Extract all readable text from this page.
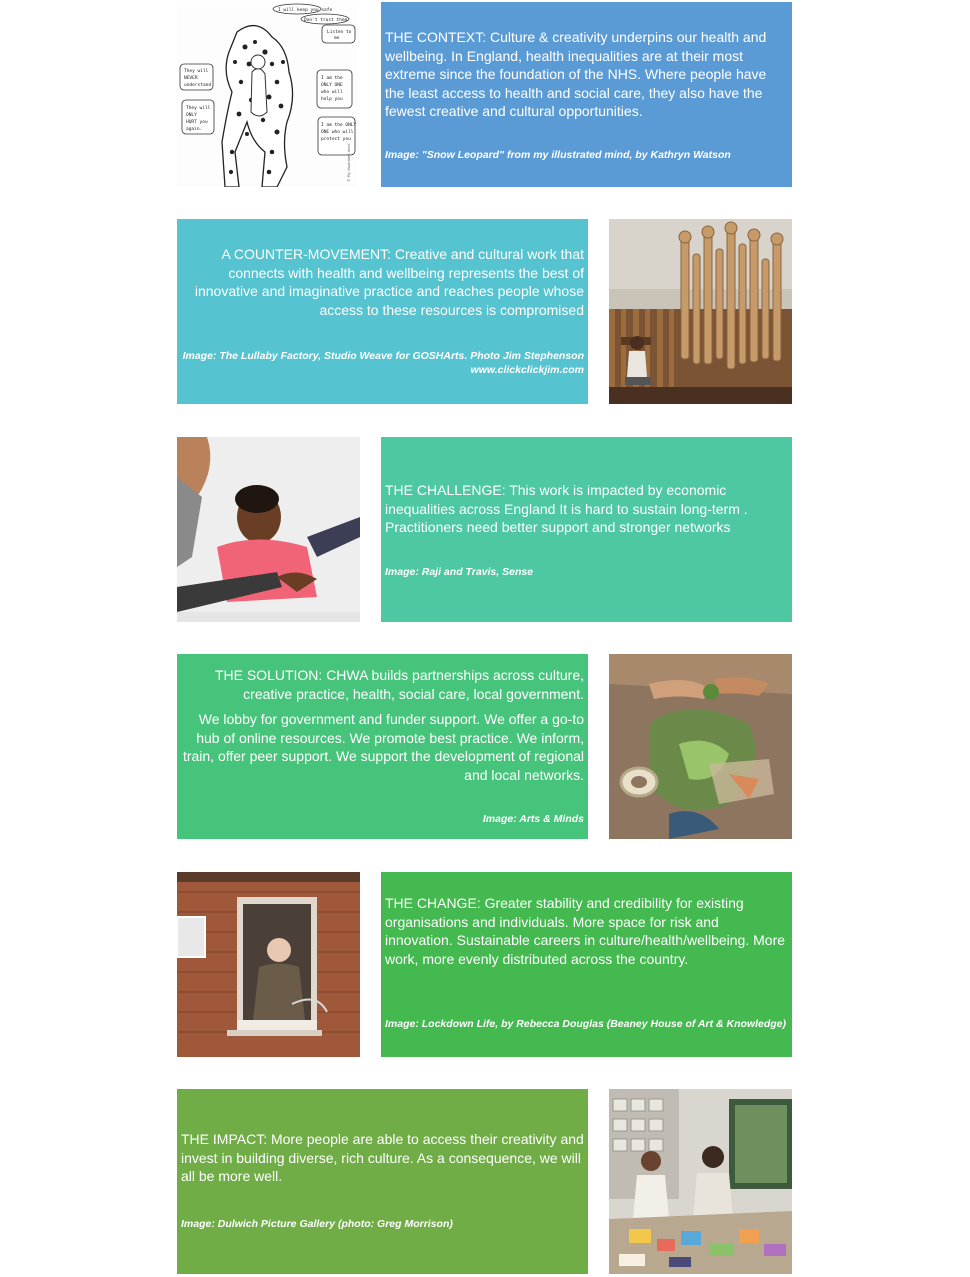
I will keep you safe
Don't trust them
Listen to
me
They will
NEVER
understand
I am the
ONLY ONE
who will
help you
They will
ONLY
HURT you
again.
I am the ONLY
ONE who will
protect you
© My illustrated mind

THE CONTEXT: Culture & creativity underpins our health and wellbeing. In England, health inequalities are at their most extreme since the foundation of the NHS. Where people have the least access to health and social care, they also have the fewest creative and cultural opportunities.

Image: "Snow Leopard" from my illustrated mind, by Kathryn Watson

A COUNTER-MOVEMENT: Creative and cultural work that connects with health and wellbeing represents the best of innovative and imaginative practice and reaches people whose access to these resources is compromised

Image: The Lullaby Factory, Studio Weave for GOSHArts. Photo Jim Stephenson
www.clickclickjim.com

THE CHALLENGE: This work is impacted by economic inequalities across England It is hard to sustain long-term . Practitioners need better support and stronger networks

Image: Raji and Travis, Sense

THE SOLUTION: CHWA builds partnerships across culture, creative practice, health, social care, local government.

We lobby for government and funder support. We offer a go-to hub of online resources. We promote best practice. We inform, train, offer peer support. We support the development of regional and local networks.

Image: Arts & Minds

THE CHANGE: Greater stability and credibility for existing organisations and individuals. More space for risk and innovation. Sustainable careers in culture/health/wellbeing. More work, more evenly distributed across the country.

Image: Lockdown Life, by Rebecca Douglas (Beaney House of Art & Knowledge)

THE IMPACT: More people are able to access their creativity and invest in building diverse, rich culture. As a consequence, we will all be more well.

Image: Dulwich Picture Gallery (photo: Greg Morrison)
